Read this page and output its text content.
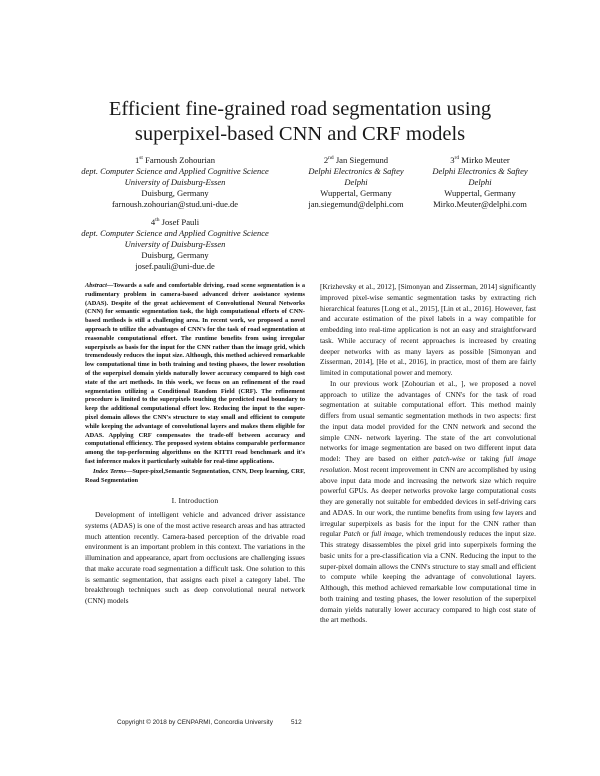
Efficient fine-grained road segmentation using
superpixel-based CNN and CRF models
1st Farnoush Zohourian
dept. Computer Science and Applied Cognitive Science
University of Duisburg-Essen
Duisburg, Germany
farnoush.zohourian@stud.uni-due.de
2nd Jan Siegemund
Delphi Electronics & Saftey
Delphi
Wuppertal, Germany
jan.siegemund@delphi.com
3rd Mirko Meuter
Delphi Electronics & Saftey
Delphi
Wuppertal, Germany
Mirko.Meuter@delphi.com
4th Josef Pauli
dept. Computer Science and Applied Cognitive Science
University of Duisburg-Essen
Duisburg, Germany
josef.pauli@uni-due.de
Abstract—Towards a safe and comfortable driving, road scene segmentation is a rudimentary problem in camera-based advanced driver assistance systems (ADAS). Despite of the great achievement of Convolutional Neural Networks (CNN) for semantic segmentation task, the high computational efforts of CNN-based methods is still a challenging area. In recent work, we proposed a novel approach to utilize the advantages of CNN's for the task of road segmentation at reasonable computational effort. The runtime benefits from using irregular superpixels as basis for the input for the CNN rather than the image grid, which tremendously reduces the input size. Although, this method achieved remarkable low computational time in both training and testing phases, the lower resolution of the superpixel domain yields naturally lower accuracy compared to high cost state of the art methods. In this work, we focus on an refinement of the road segmentation utilizing a Conditional Random Field (CRF). The refinement procedure is limited to the superpixels touching the predicted road boundary to keep the additional computational effort low. Reducing the input to the super-pixel domain allows the CNN's structure to stay small and efficient to compute while keeping the advantage of convolutional layers and makes them eligible for ADAS. Applying CRF compensates the trade-off between accuracy and computational efficiency. The proposed system obtains comparable performance among the top-performing algorithms on the KITTI road benchmark and it's fast inference makes it particularly suitable for real-time applications.
Index Terms—Super-pixel,Semantic Segmentation, CNN, Deep learning, CRF, Road Segmentation
I. Introduction

Development of intelligent vehicle and advanced driver assistance systems (ADAS) is one of the most active research areas and has attracted much attention recently. Camera-based perception of the drivable road environment is an important problem in this context. The variations in the illumination and appearance, apart from occlusions are challenging issues that make accurate road segmentation a difficult task. One solution to this is semantic segmentation, that assigns each pixel a category label. The breakthrough techniques such as deep convolutional neural network (CNN) models

[Krizhevsky et al., 2012], [Simonyan and Zisserman, 2014] significantly improved pixel-wise semantic segmentation tasks by extracting rich hierarchical features [Long et al., 2015], [Lin et al., 2016]. However, fast and accurate estimation of the pixel labels in a way compatible for embedding into real-time application is not an easy and straightforward task. While accuracy of recent approaches is increased by creating deeper networks with as many layers as possible [Simonyan and Zisserman, 2014], [He et al., 2016], in practice, most of them are fairly limited in computational power and memory.

In our previous work [Zohourian et al., ], we proposed a novel approach to utilize the advantages of CNN's for the task of road segmentation at suitable computational effort. This method mainly differs from usual semantic segmentation methods in two aspects: first the input data model provided for the CNN network and second the simple CNN- network layering. The state of the art convolutional networks for image segmentation are based on two different input data model: They are based on either patch-wise or taking full image resolution. Most recent improvement in CNN are accomplished by using above input data mode and increasing the network size which require powerful GPUs. As deeper networks provoke large computational costs they are generally not suitable for embedded devices in self-driving cars and ADAS. In our work, the runtime benefits from using few layers and irregular superpixels as basis for the input for the CNN rather than regular Patch or full image, which tremendously reduces the input size. This strategy disassembles the pixel grid into superpixels forming the basic units for a pre-classification via a CNN. Reducing the input to the super-pixel domain allows the CNN's structure to stay small and efficient to compute while keeping the advantage of convolutional layers. Although, this method achieved remarkable low computational time in both training and testing phases, the lower resolution of the superpixel domain yields naturally lower accuracy compared to high cost state of the art methods.

Copyright © 2018 by CENPARMI, Concordia University	512
